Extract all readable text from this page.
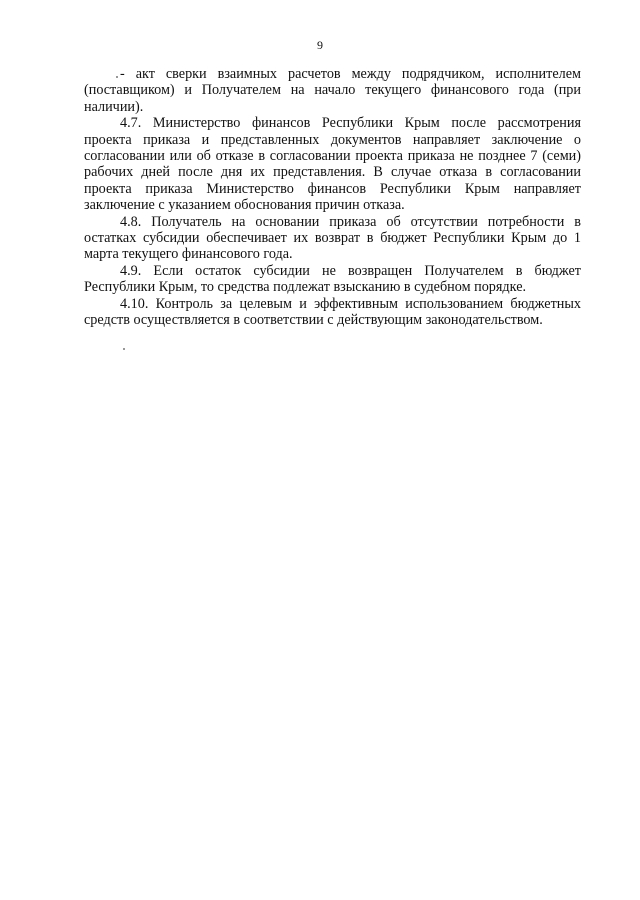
9

- акт сверки взаимных расчетов между подрядчиком, исполнителем (поставщиком) и Получателем на начало текущего финансового года (при наличии).

4.7. Министерство финансов Республики Крым после рассмотрения проекта приказа и представленных документов направляет заключение о согласовании или об отказе в согласовании проекта приказа не позднее 7 (семи) рабочих дней после дня их представления. В случае отказа в согласовании проекта приказа Министерство финансов Республики Крым направляет заключение с указанием обоснования причин отказа.

4.8. Получатель на основании приказа об отсутствии потребности в остатках субсидии обеспечивает их возврат в бюджет Республики Крым до 1 марта текущего финансового года.

4.9. Если остаток субсидии не возвращен Получателем в бюджет Республики Крым, то средства подлежат взысканию в судебном порядке.

4.10. Контроль за целевым и эффективным использованием бюджетных средств осуществляется в соответствии с действующим законодательством.
